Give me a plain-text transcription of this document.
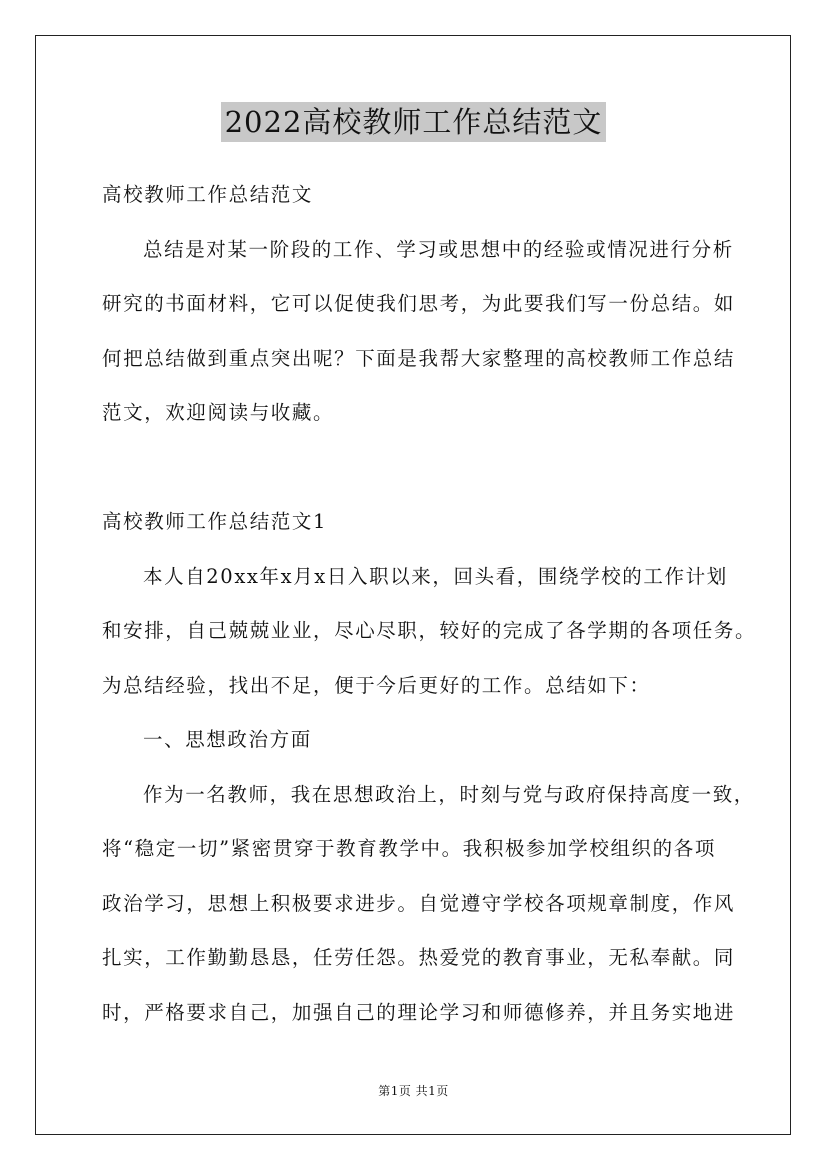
2022高校教师工作总结范文
高校教师工作总结范文
总结是对某一阶段的工作、学习或思想中的经验或情况进行分析
研究的书面材料，它可以促使我们思考，为此要我们写一份总结。如
何把总结做到重点突出呢？下面是我帮大家整理的高校教师工作总结
范文，欢迎阅读与收藏。
高校教师工作总结范文1
本人自20xx年x月x日入职以来，回头看，围绕学校的工作计划
和安排，自己兢兢业业，尽心尽职，较好的完成了各学期的各项任务。
为总结经验，找出不足，便于今后更好的工作。总结如下：
一、思想政治方面
作为一名教师，我在思想政治上，时刻与党与政府保持高度一致，
将“稳定一切”紧密贯穿于教育教学中。我积极参加学校组织的各项
政治学习，思想上积极要求进步。自觉遵守学校各项规章制度，作风
扎实，工作勤勤恳恳，任劳任怨。热爱党的教育事业，无私奉献。同
时，严格要求自己，加强自己的理论学习和师德修养，并且务实地进
第1页 共1页
